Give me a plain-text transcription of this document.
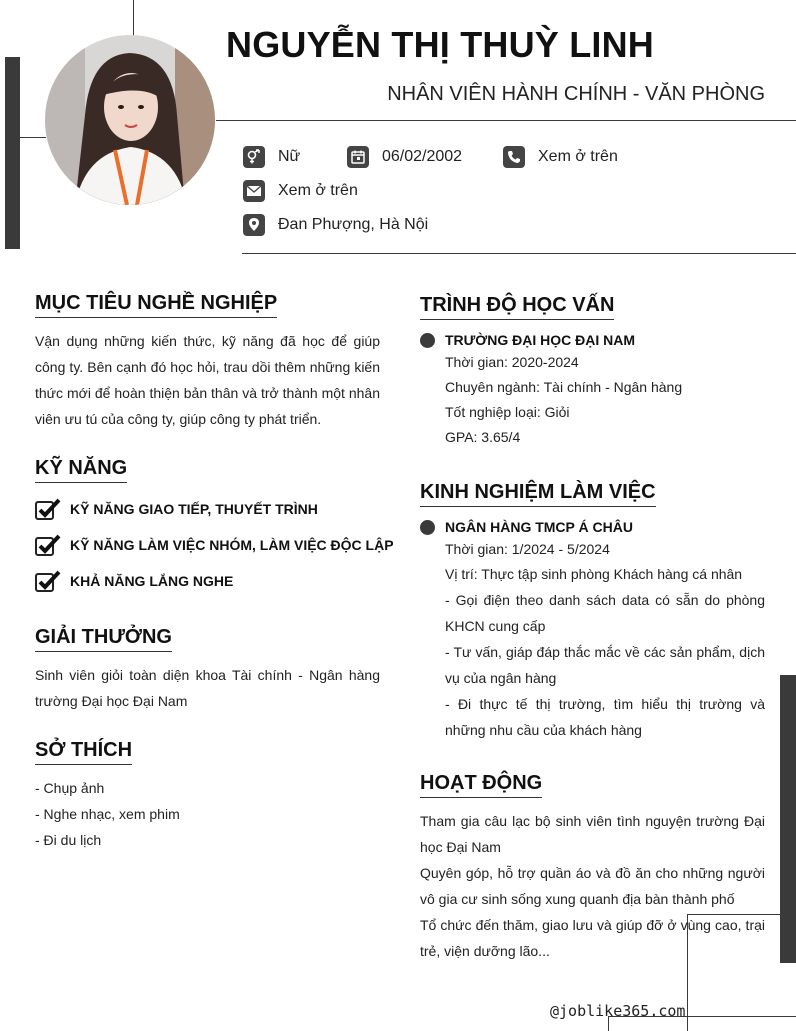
NGUYỄN THỊ THUỲ LINH
NHÂN VIÊN HÀNH CHÍNH - VĂN PHÒNG
Nữ	06/02/2002	Xem ở trên
Xem ở trên
Đan Phượng, Hà Nội
MỤC TIÊU NGHỀ NGHIỆP
Vận dụng những kiến thức, kỹ năng đã học để giúp công ty. Bên cạnh đó học hỏi, trau dồi thêm những kiến thức mới để hoàn thiện bản thân và trở thành một nhân viên ưu tú của công ty, giúp công ty phát triển.
KỸ NĂNG
KỸ NĂNG GIAO TIẾP, THUYẾT TRÌNH
KỸ NĂNG LÀM VIỆC NHÓM, LÀM VIỆC ĐỘC LẬP
KHẢ NĂNG LẮNG NGHE
GIẢI THƯỞNG
Sinh viên giỏi toàn diện khoa Tài chính - Ngân hàng trường Đại học Đại Nam
SỞ THÍCH
- Chụp ảnh
- Nghe nhạc, xem phim
- Đi du lịch
TRÌNH ĐỘ HỌC VẤN
TRƯỜNG ĐẠI HỌC ĐẠI NAM
Thời gian: 2020-2024
Chuyên ngành: Tài chính - Ngân hàng
Tốt nghiệp loại: Giỏi
GPA: 3.65/4
KINH NGHIỆM LÀM VIỆC
NGÂN HÀNG TMCP Á CHÂU
Thời gian: 1/2024 - 5/2024
Vị trí: Thực tập sinh phòng Khách hàng cá nhân
- Gọi điện theo danh sách data có sẵn do phòng KHCN cung cấp
- Tư vấn, giáp đáp thắc mắc về các sản phẩm, dịch vụ của ngân hàng
- Đi thực tế thị trường, tìm hiểu thị trường và những nhu cầu của khách hàng
HOẠT ĐỘNG
Tham gia câu lạc bộ sinh viên tình nguyện trường Đại học Đại Nam
Quyên góp, hỗ trợ quần áo và đồ ăn cho những người vô gia cư sinh sống xung quanh địa bàn thành phố
Tổ chức đến thăm, giao lưu và giúp đỡ ở vùng cao, trại trẻ, viện dưỡng lão...
@joblike365.com
